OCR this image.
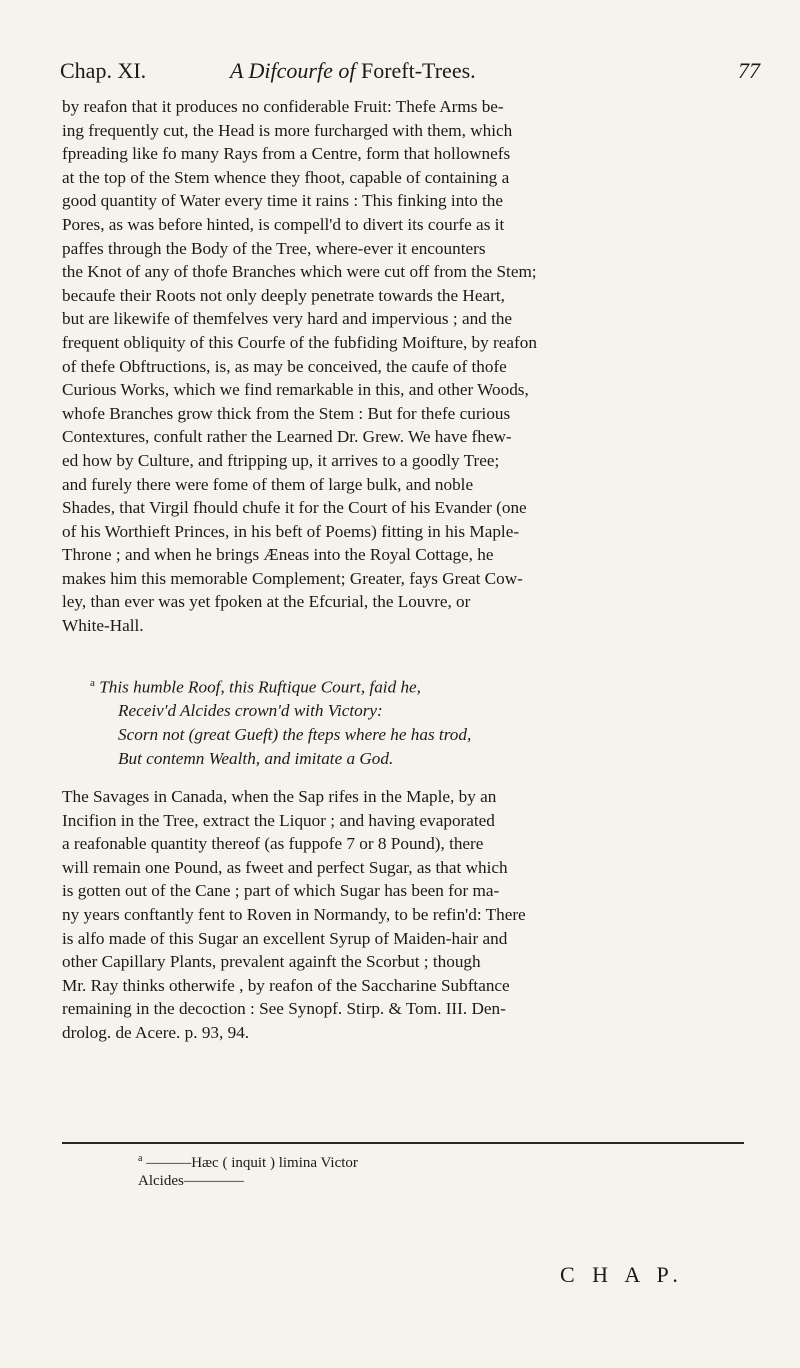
Chap. XI.	A Difcourfe of Foreft-Trees.	77
by reafon that it produces no confiderable Fruit: Thefe Arms be-
ing frequently cut, the Head is more furcharged with them, which
fpreading like fo many Rays from a Centre, form that hollownefs
at the top of the Stem whence they fhoot, capable of containing a
good quantity of Water every time it rains : This finking into the
Pores, as was before hinted, is compell'd to divert its courfe as it
paffes through the Body of the Tree, where-ever it encounters
the Knot of any of thofe Branches which were cut off from the Stem;
becaufe their Roots not only deeply penetrate towards the Heart,
but are likewife of themfelves very hard and impervious ; and the
frequent obliquity of this Courfe of the fubfiding Moifture, by reafon
of thefe Obftructions, is, as may be conceived, the caufe of thofe
Curious Works, which we find remarkable in this, and other Woods,
whofe Branches grow thick from the Stem : But for thefe curious
Contextures, confult rather the Learned Dr. Grew. We have fhew-
ed how by Culture, and ftripping up, it arrives to a goodly Tree;
and furely there were fome of them of large bulk, and noble
Shades, that Virgil fhould chufe it for the Court of his Evander (one
of his Worthieft Princes, in his beft of Poems) fitting in his Maple-
Throne ; and when he brings Æneas into the Royal Cottage, he
makes him this memorable Complement; Greater, fays Great Cow-
ley, than ever was yet fpoken at the Efcurial, the Louvre, or
White-Hall.
$^a$ This humble Roof, this Ruftique Court, faid he,
Receiv'd Alcides crown'd with Victory:
Scorn not (great Gueft) the fteps where he has trod,
But contemn Wealth, and imitate a God.
The Savages in Canada, when the Sap rifes in the Maple, by an
Incifion in the Tree, extract the Liquor ; and having evaporated
a reafonable quantity thereof (as fuppofe 7 or 8 Pound), there
will remain one Pound, as fweet and perfect Sugar, as that which
is gotten out of the Cane ; part of which Sugar has been for ma-
ny years conftantly fent to Roven in Normandy, to be refin'd: There
is alfo made of this Sugar an excellent Syrup of Maiden-hair and
other Capillary Plants, prevalent againft the Scorbut ; though
Mr. Ray thinks otherwife , by reafon of the Saccharine Subftance
remaining in the decoction : See Synopf. Stirp. & Tom. III. Den-
drolog. de Acere. p. 93, 94.
$^a$ ———Hæc ( inquit ) limina Victor
Alcides————
C H A P.
